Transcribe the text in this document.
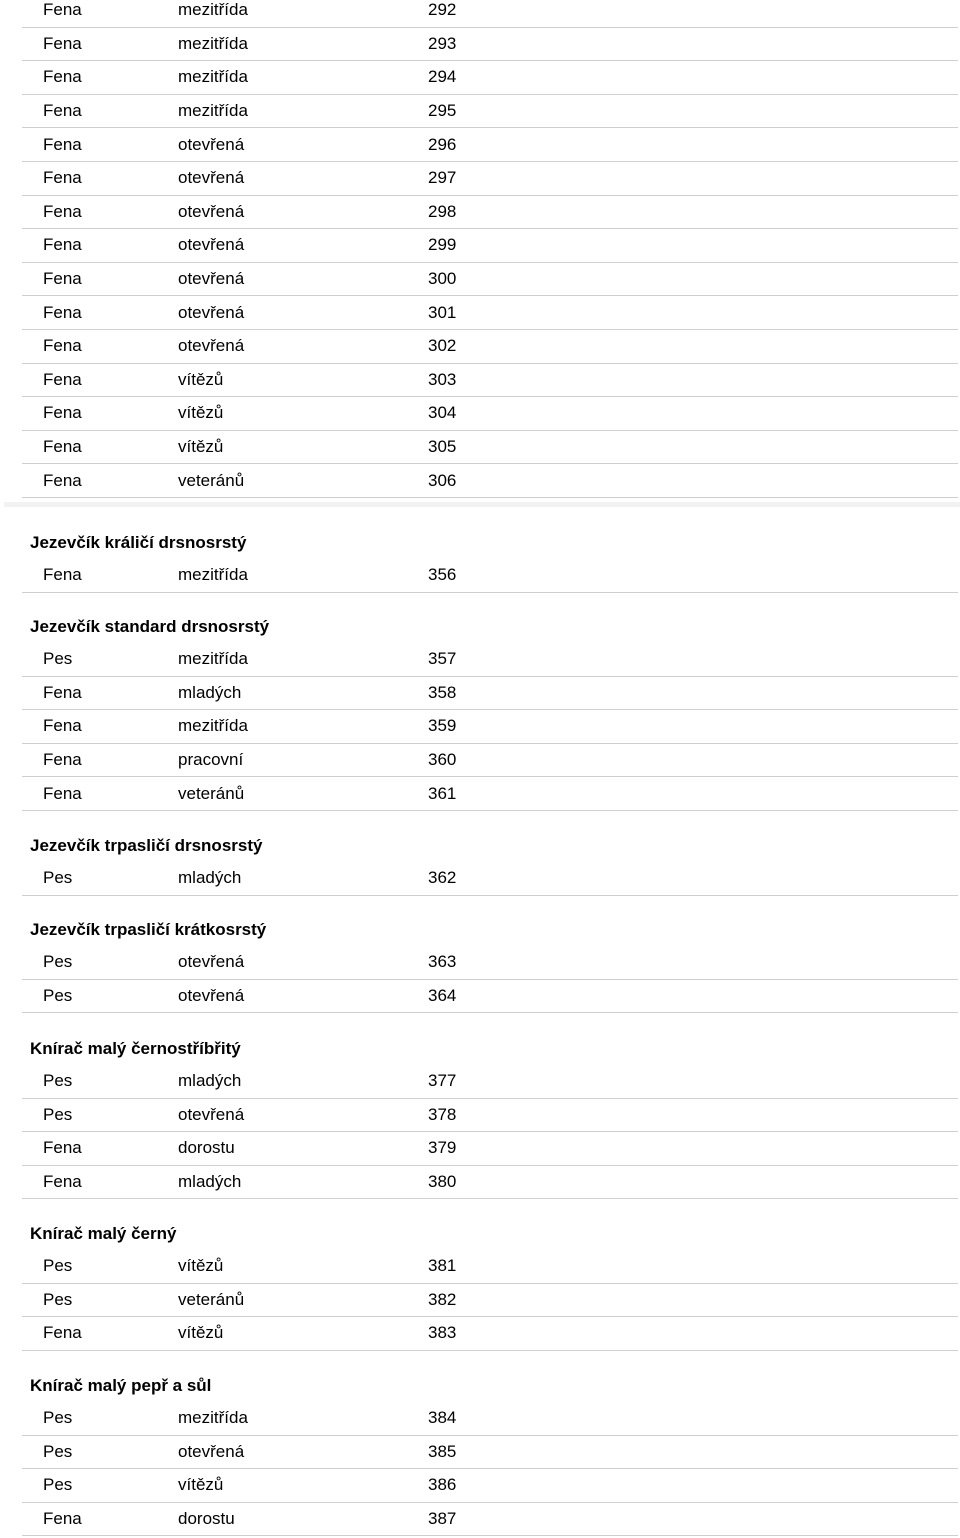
Fena	mezitřída	292
Fena	mezitřída	293
Fena	mezitřída	294
Fena	mezitřída	295
Fena	otevřená	296
Fena	otevřená	297
Fena	otevřená	298
Fena	otevřená	299
Fena	otevřená	300
Fena	otevřená	301
Fena	otevřená	302
Fena	vítězů	303
Fena	vítězů	304
Fena	vítězů	305
Fena	veteránů	306
Jezevčík králičí drsnosrstý
Fena	mezitřída	356
Jezevčík standard drsnosrstý
Pes	mezitřída	357
Fena	mladých	358
Fena	mezitřída	359
Fena	pracovní	360
Fena	veteránů	361
Jezevčík trpasličí drsnosrstý
Pes	mladých	362
Jezevčík trpasličí krátkosrstý
Pes	otevřená	363
Pes	otevřená	364
Knírač malý černostříbřitý
Pes	mladých	377
Pes	otevřená	378
Fena	dorostu	379
Fena	mladých	380
Knírač malý černý
Pes	vítězů	381
Pes	veteránů	382
Fena	vítězů	383
Knírač malý pepř a sůl
Pes	mezitřída	384
Pes	otevřená	385
Pes	vítězů	386
Fena	dorostu	387
